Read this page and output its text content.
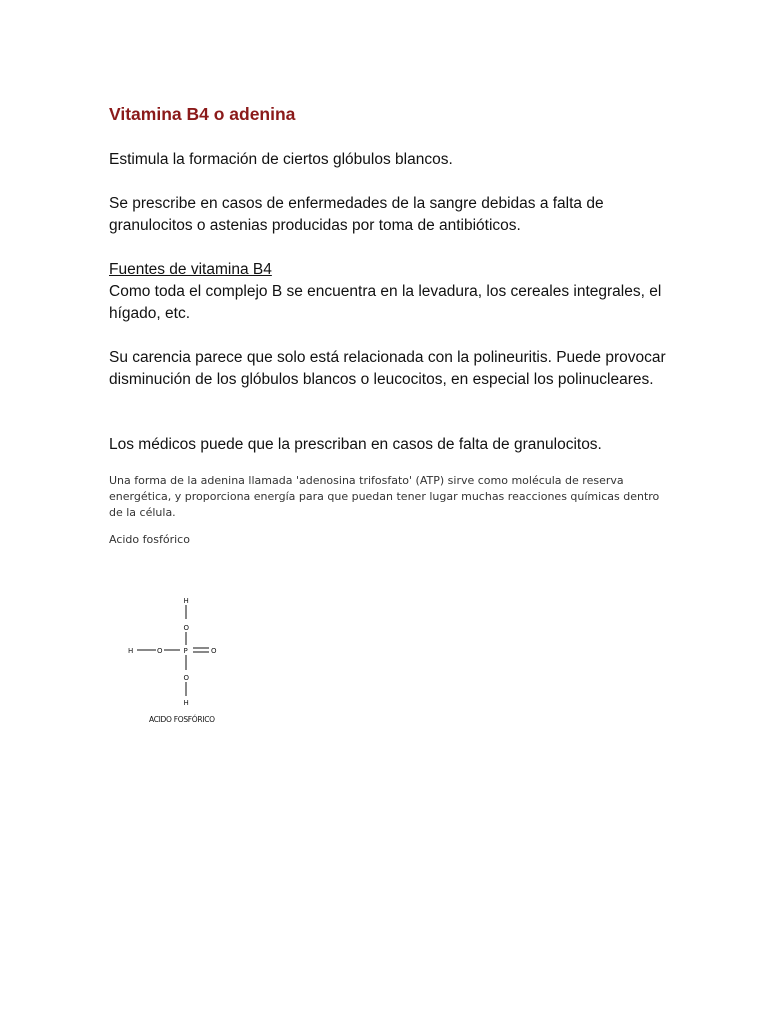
Vitamina B4 o adenina

Estimula la formación de ciertos glóbulos blancos.

Se prescribe en casos de enfermedades de la sangre debidas a falta de granulocitos o astenias producidas por toma de antibióticos.

Fuentes de vitamina B4
Como toda el complejo B se encuentra en la levadura, los cereales integrales, el hígado, etc.

Su carencia parece que solo está relacionada con la polineuritis. Puede provocar disminución de los glóbulos blancos o leucocitos, en especial los polinucleares.

Los médicos puede que la prescriban en casos de falta de granulocitos.

Una forma de la adenina llamada 'adenosina trifosfato' (ATP) sirve como molécula de reserva energética, y proporciona energía para que puedan tener lugar muchas reacciones químicas dentro de la célula.

Acido fosfórico

H
O
H	O	P	O
O
H
ACIDO FOSFÓRICO
